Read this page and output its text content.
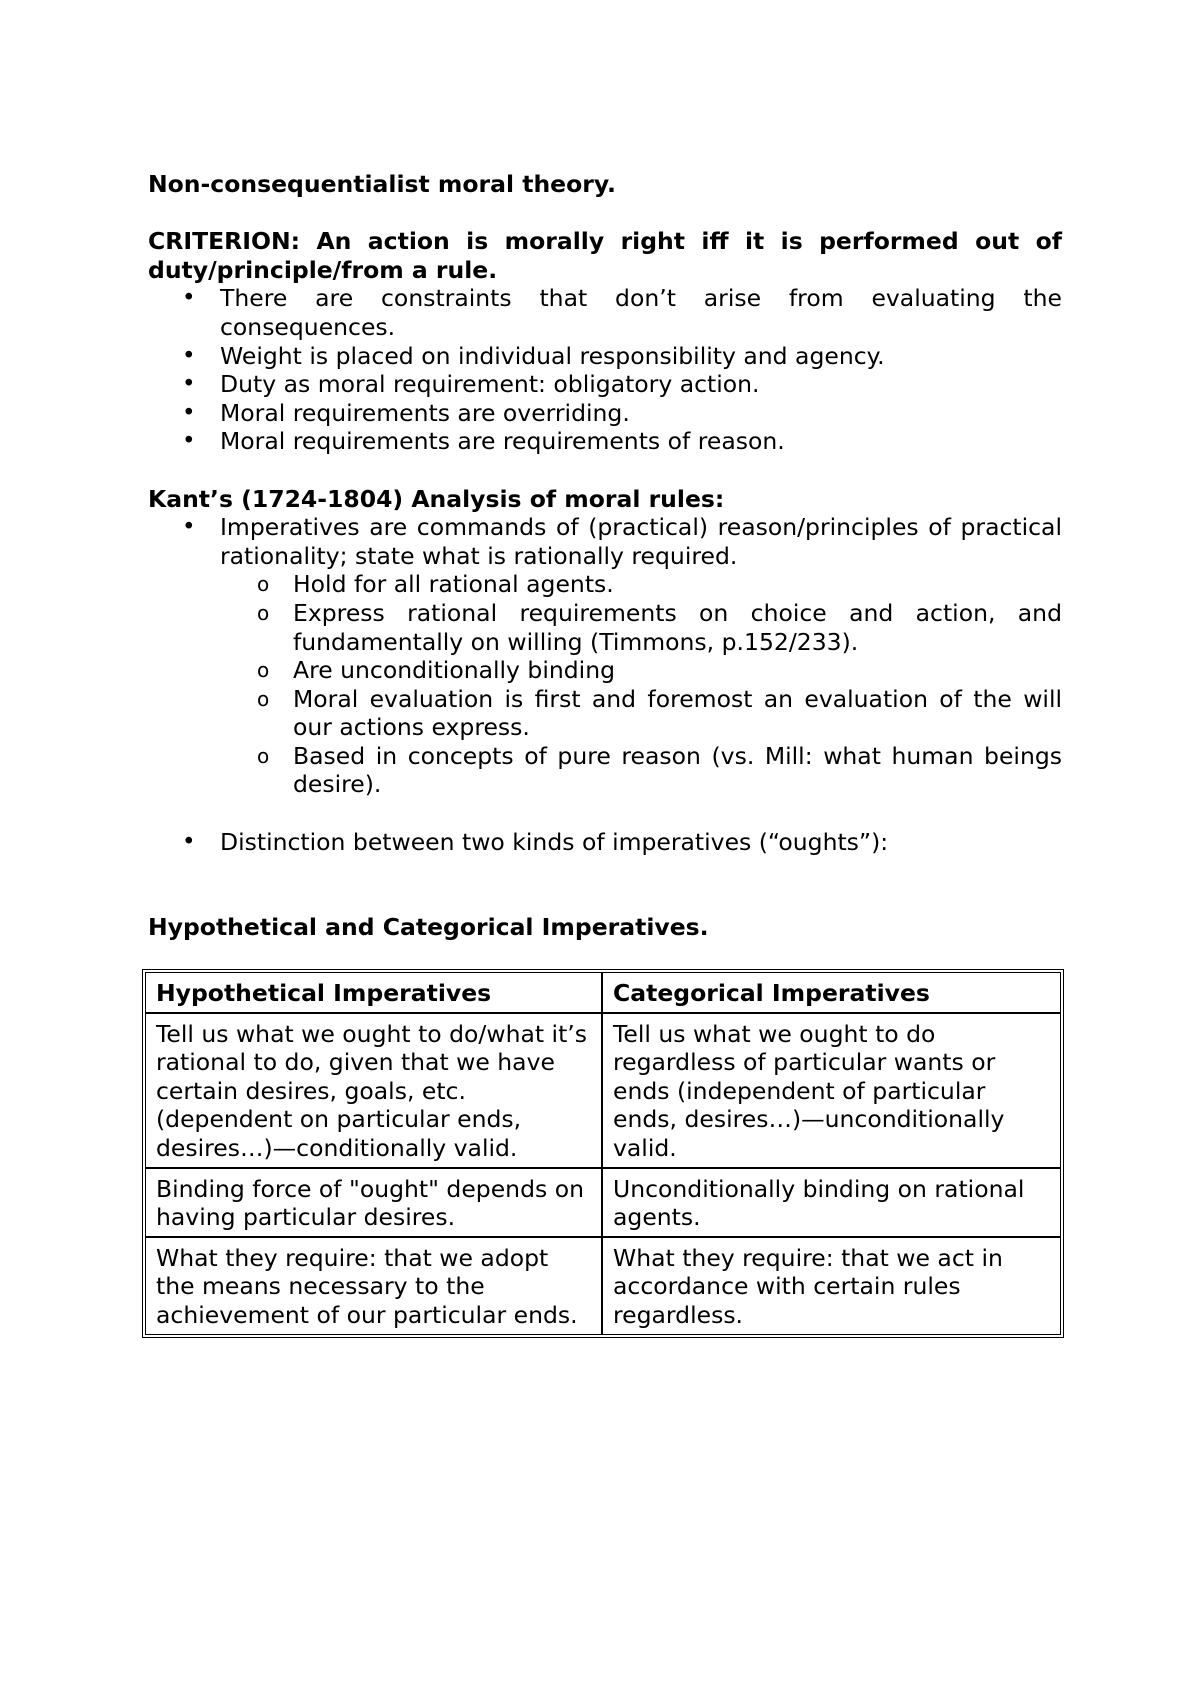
Non-consequentialist moral theory.

CRITERION: An action is morally right iff it is performed out of duty/principle/from a rule.

• There are constraints that don’t arise from evaluating the consequences.
• Weight is placed on individual responsibility and agency.
• Duty as moral requirement: obligatory action.
• Moral requirements are overriding.
• Moral requirements are requirements of reason.

Kant’s (1724-1804) Analysis of moral rules:

• Imperatives are commands of (practical) reason/principles of practical rationality; state what is rationally required.
o Hold for all rational agents.
o Express rational requirements on choice and action, and fundamentally on willing (Timmons, p.152/233).
o Are unconditionally binding
o Moral evaluation is first and foremost an evaluation of the will our actions express.
o Based in concepts of pure reason (vs. Mill: what human beings desire).
• Distinction between two kinds of imperatives (“oughts”):

Hypothetical and Categorical Imperatives.

Hypothetical Imperatives	Categorical Imperatives
Tell us what we ought to do/what it’s rational to do, given that we have certain desires, goals, etc. (dependent on particular ends, desires…)—conditionally valid.	Tell us what we ought to do regardless of particular wants or ends (independent of particular ends, desires…)—unconditionally valid.
Binding force of "ought" depends on having particular desires.	Unconditionally binding on rational agents.
What they require: that we adopt the means necessary to the achievement of our particular ends.	What they require: that we act in accordance with certain rules regardless.
